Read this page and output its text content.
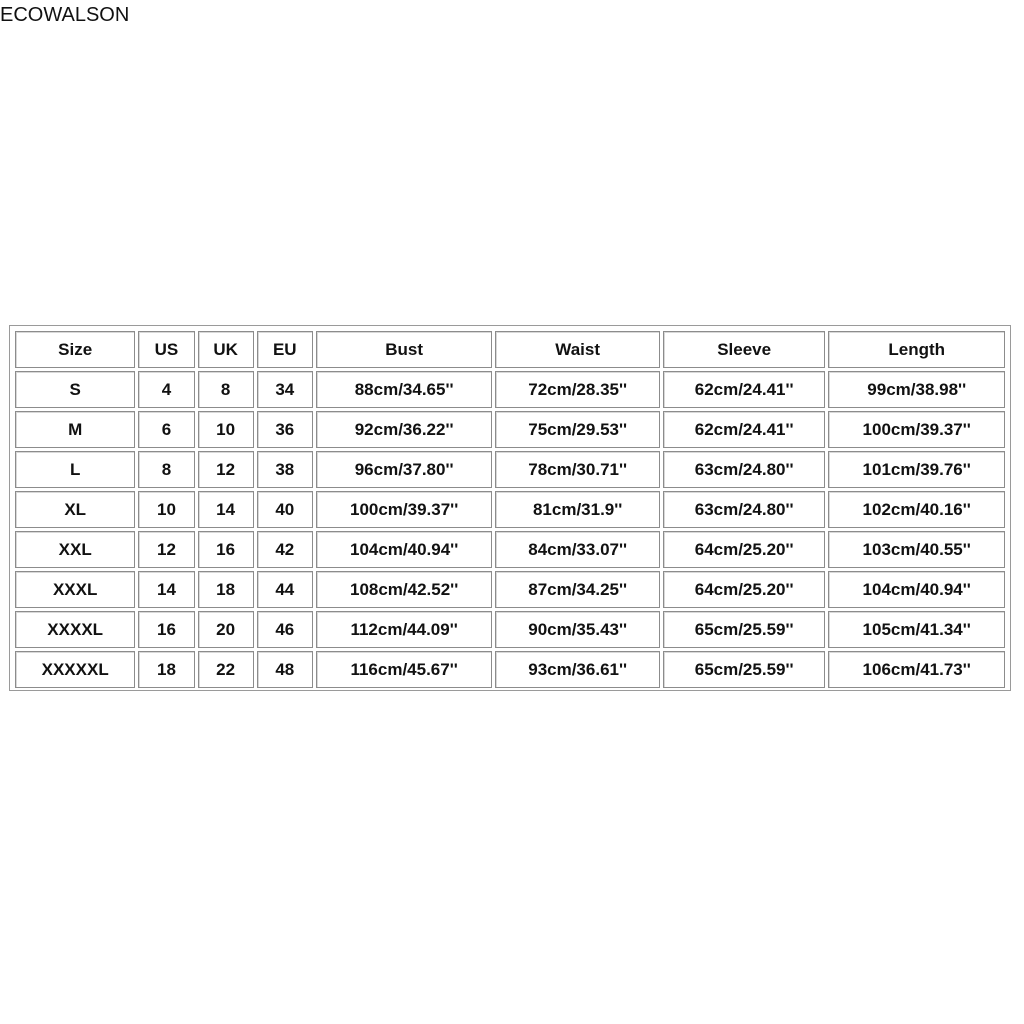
ECOWALSON
Size	US	UK	EU	Bust	Waist	Sleeve	Length
S	4	8	34	88cm/34.65''	72cm/28.35''	62cm/24.41''	99cm/38.98''
M	6	10	36	92cm/36.22''	75cm/29.53''	62cm/24.41''	100cm/39.37''
L	8	12	38	96cm/37.80''	78cm/30.71''	63cm/24.80''	101cm/39.76''
XL	10	14	40	100cm/39.37''	81cm/31.9''	63cm/24.80''	102cm/40.16''
XXL	12	16	42	104cm/40.94''	84cm/33.07''	64cm/25.20''	103cm/40.55''
XXXL	14	18	44	108cm/42.52''	87cm/34.25''	64cm/25.20''	104cm/40.94''
XXXXL	16	20	46	112cm/44.09''	90cm/35.43''	65cm/25.59''	105cm/41.34''
XXXXXL	18	22	48	116cm/45.67''	93cm/36.61''	65cm/25.59''	106cm/41.73''
